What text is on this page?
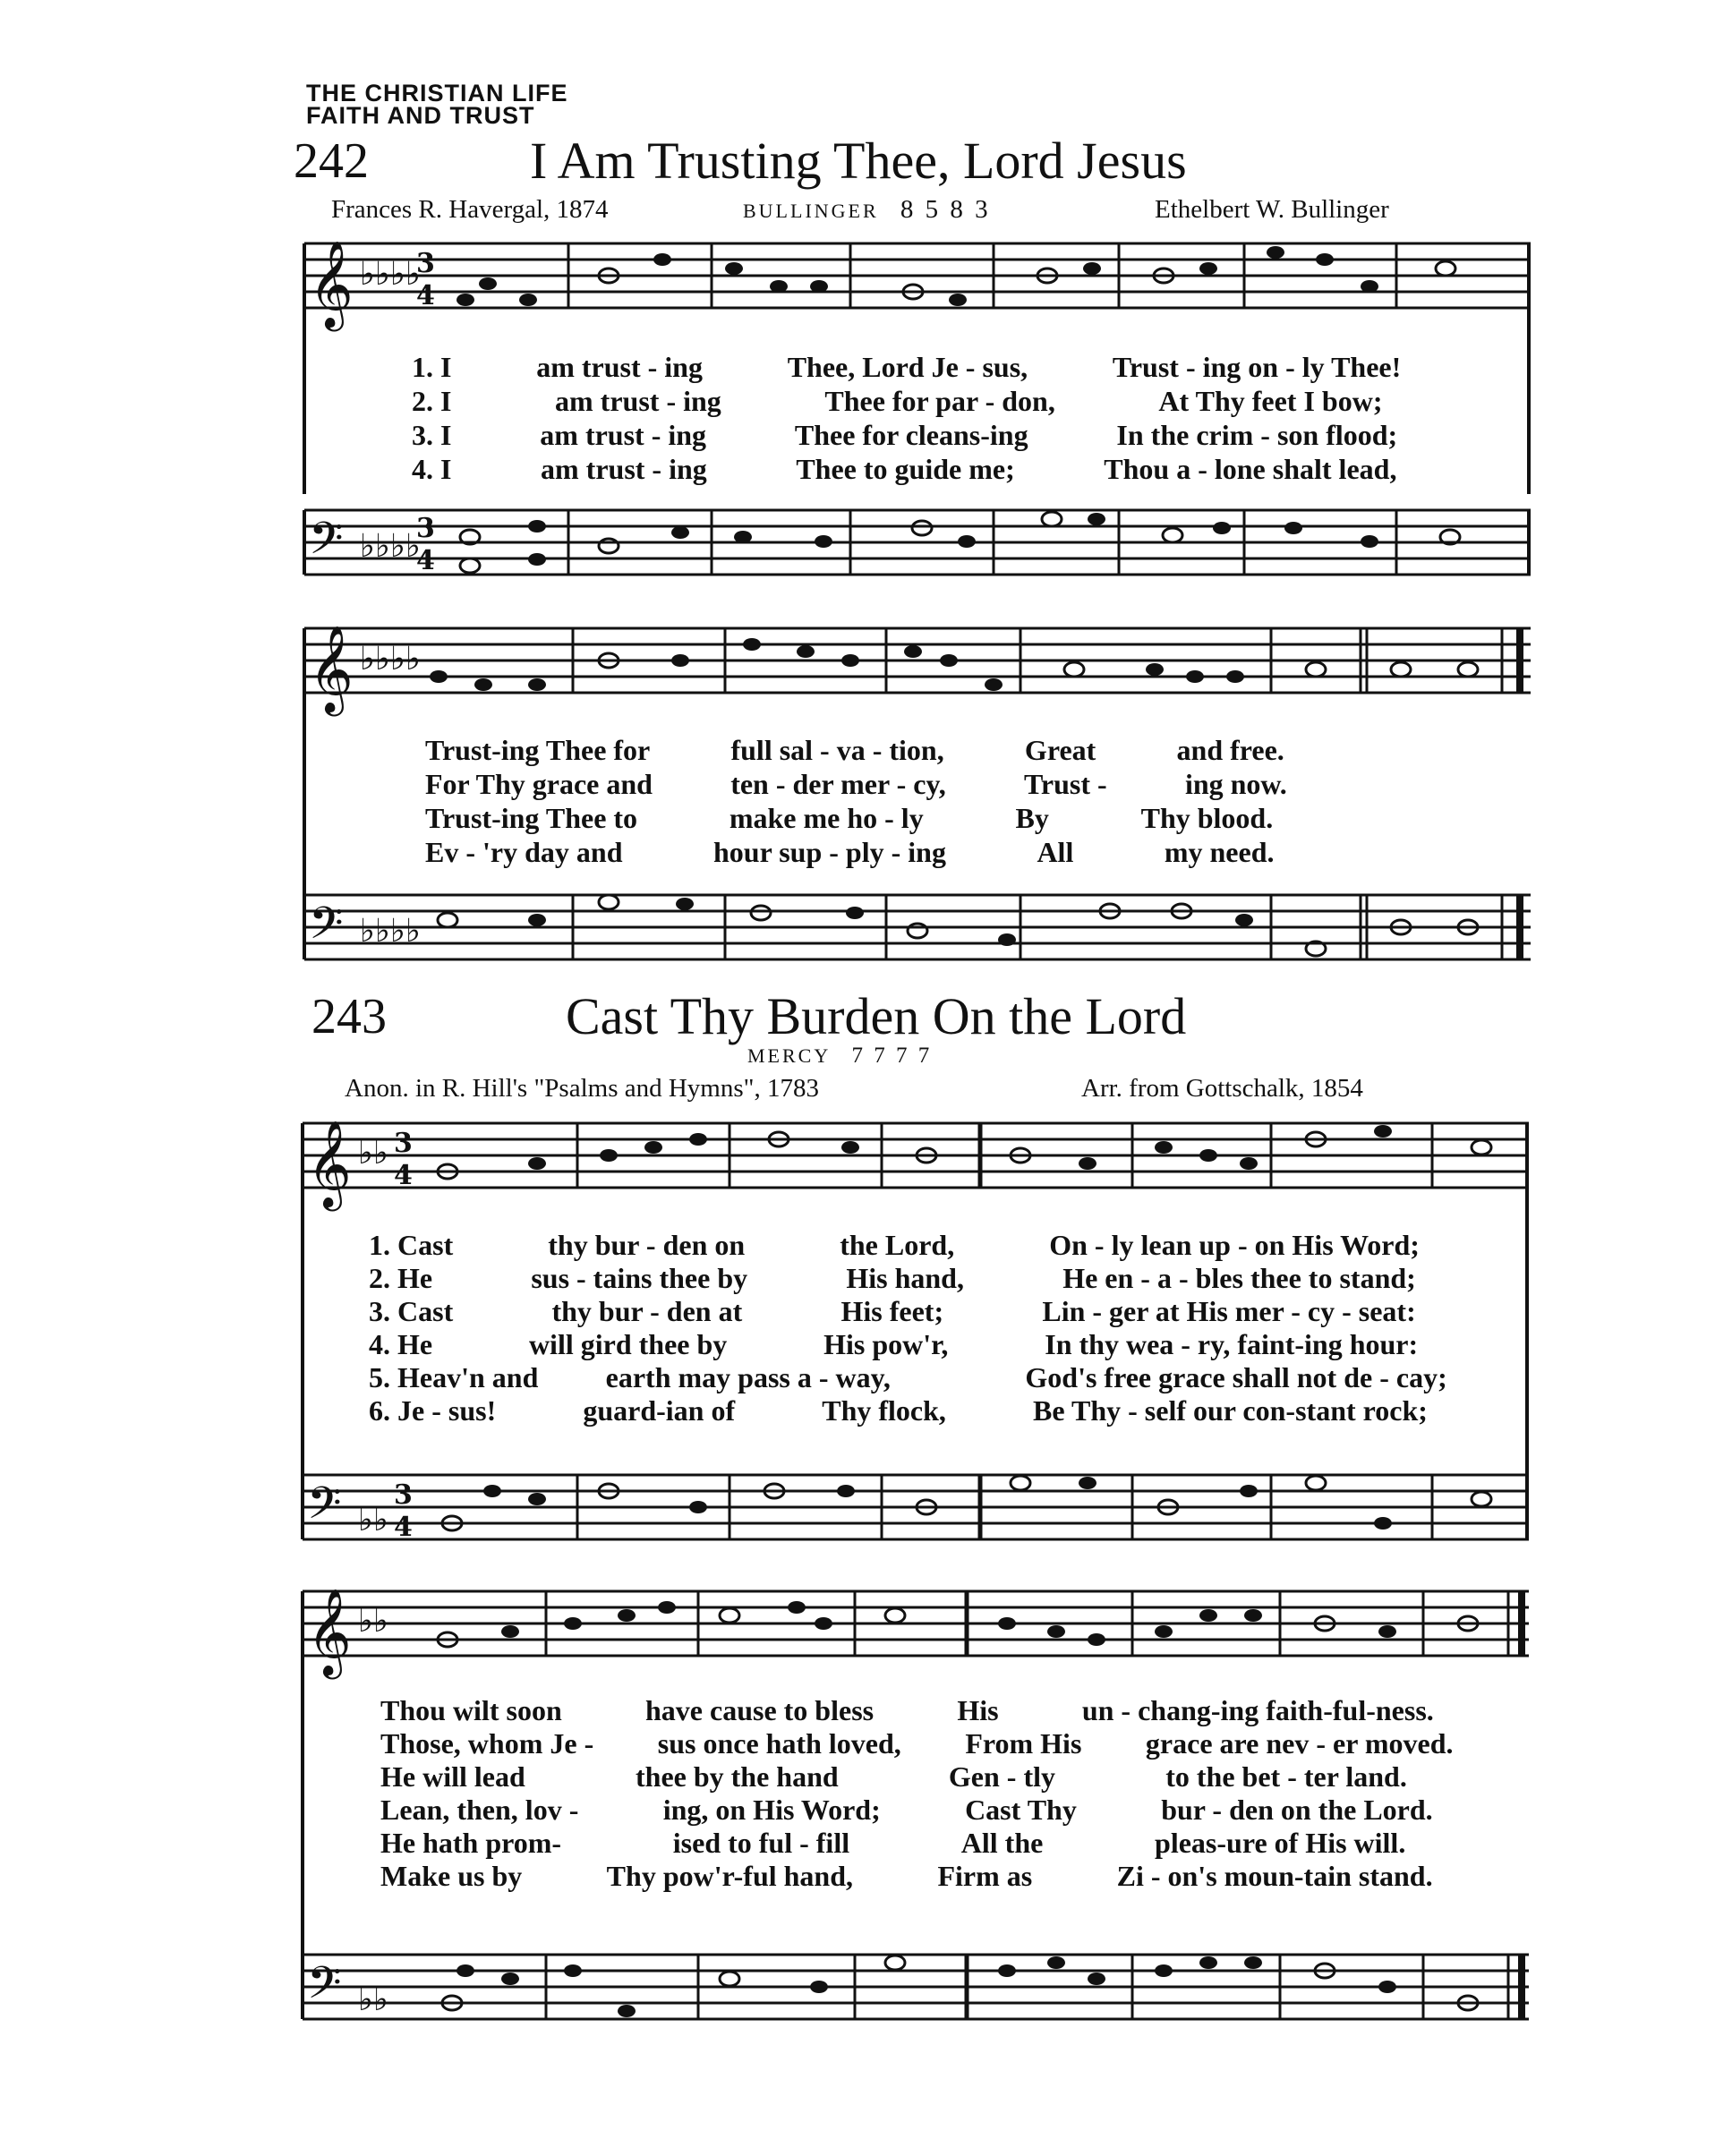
THE CHRISTIAN LIFE
FAITH AND TRUST
242	I Am Trusting Thee, Lord Jesus
Frances R. Havergal, 1874	BULLINGER 8 5 8 3	Ethelbert W. Bullinger
𝄞 ♭♭♭♭
3
4
1. I	am trust - ing	Thee, Lord Je - sus,	Trust - ing on - ly Thee!
2. I	am trust - ing	Thee for par - don,	At Thy feet I bow;
3. I	am trust - ing	Thee for cleans-ing	In the crim - son flood;
4. I	am trust - ing	Thee to guide me;	Thou a - lone shalt lead,
𝄢 ♭♭♭♭
3
4
𝄞 ♭♭♭♭
Trust-ing Thee for	full sal - va - tion,	Great	and free.
For Thy grace and	ten - der mer - cy,	Trust -	ing now.
Trust-ing Thee to	make me ho - ly	By	Thy blood.
Ev - 'ry day and	hour sup - ply - ing	All	my need.
𝄢 ♭♭♭♭
243	Cast Thy Burden On the Lord
MERCY 7 7 7 7
Anon. in R. Hill's "Psalms and Hymns", 1783	Arr. from Gottschalk, 1854
𝄞 ♭♭ 3
4
1. Cast	thy bur - den on	the Lord,	On - ly lean up - on His Word;
2. He	sus - tains thee by	His hand,	He en - a - bles thee to stand;
3. Cast	thy bur - den at	His feet;	Lin - ger at His mer - cy - seat:
4. He	will gird thee by	His pow'r,	In thy wea - ry, faint-ing hour:
5. Heav'n and	earth may pass a - way,	God's free grace shall not de - cay;
6. Je - sus!	guard-ian of	Thy flock,	Be Thy - self our con-stant rock;
𝄢 ♭♭
3
4
𝄞 ♭♭
Thou wilt soon	have cause to bless	His	un - chang-ing faith-ful-ness.
Those, whom Je -	sus once hath loved,	From His	grace are nev - er moved.
He will lead	thee by the hand	Gen - tly	to the bet - ter land.
Lean, then, lov -	ing, on His Word;	Cast Thy	bur - den on the Lord.
He hath prom-	ised to ful - fill	All the	pleas-ure of His will.
Make us by	Thy pow'r-ful hand,	Firm as	Zi - on's moun-tain stand.
𝄢 ♭♭
